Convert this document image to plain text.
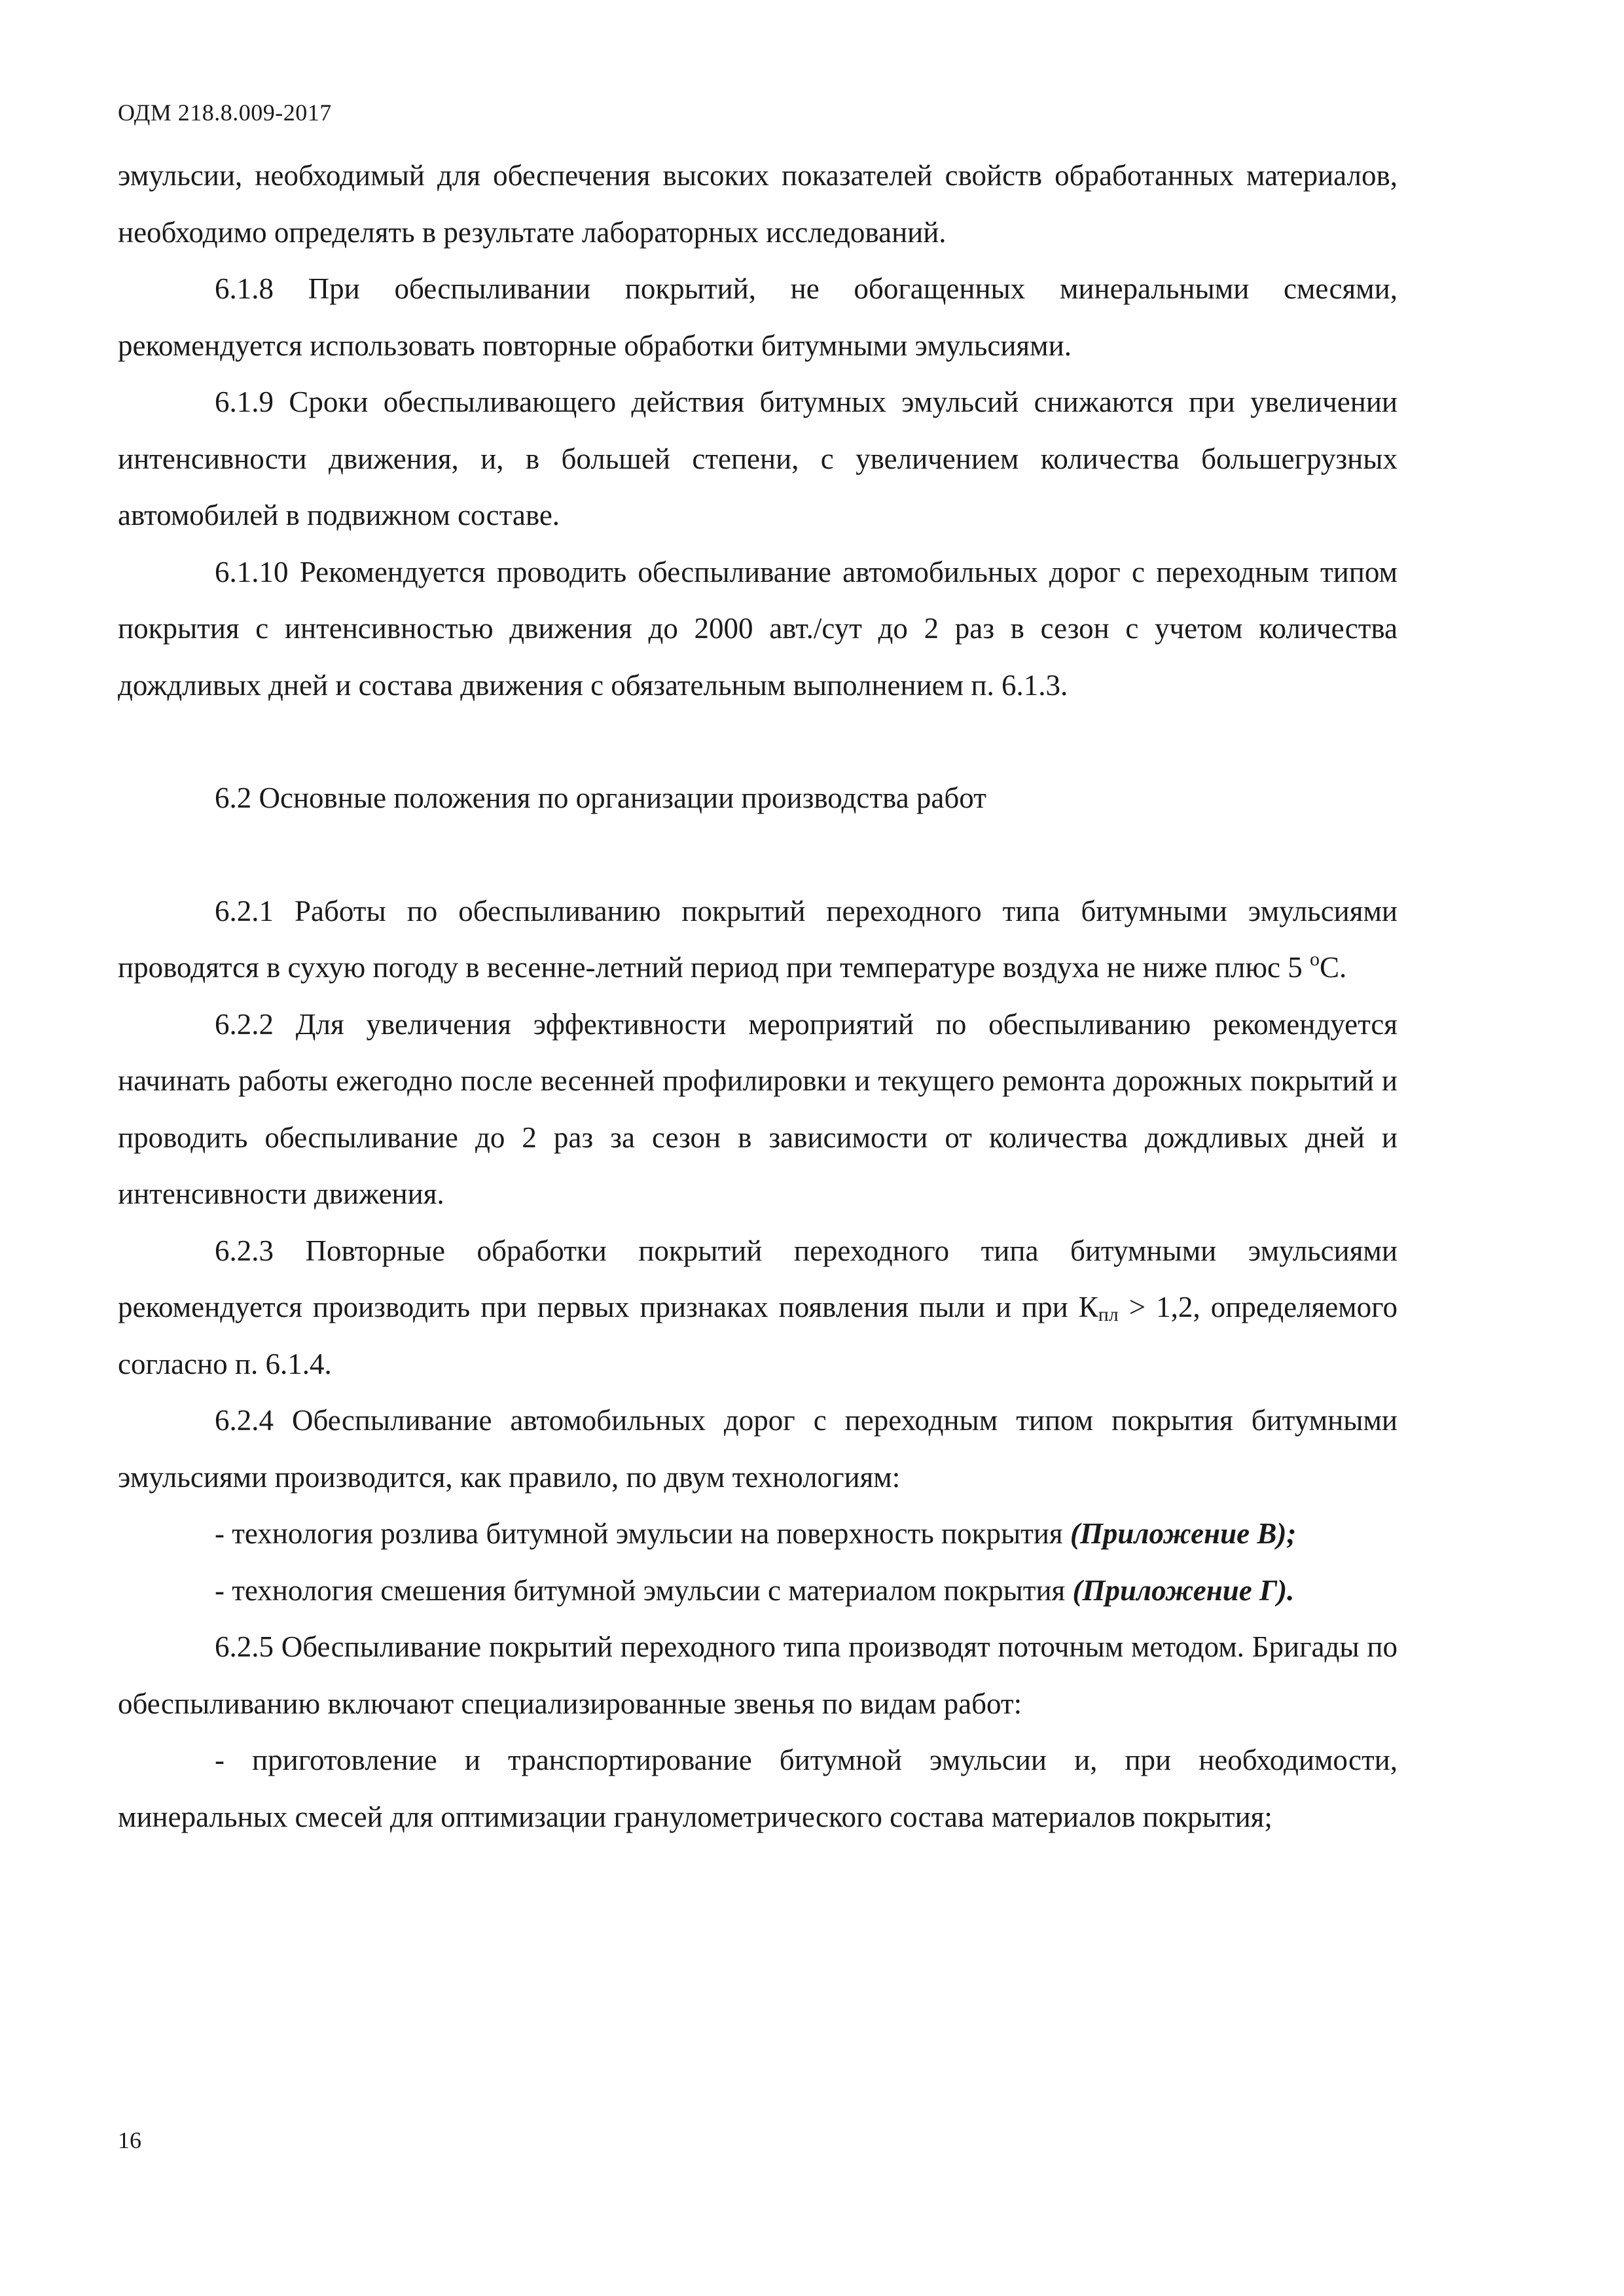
ОДМ 218.8.009-2017

эмульсии, необходимый для обеспечения высоких показателей свойств обработанных материалов, необходимо определять в результате лабораторных исследований.

6.1.8 При обеспыливании покрытий, не обогащенных минеральными смесями, рекомендуется использовать повторные обработки битумными эмульсиями.

6.1.9 Сроки обеспыливающего действия битумных эмульсий снижаются при увеличении интенсивности движения, и, в большей степени, с увеличением количества большегрузных автомобилей в подвижном составе.

6.1.10 Рекомендуется проводить обеспыливание автомобильных дорог с переходным типом покрытия с интенсивностью движения до 2000 авт./сут до 2 раз в сезон с учетом количества дождливых дней и состава движения с обязательным выполнением п. 6.1.3.

6.2 Основные положения по организации производства работ

6.2.1 Работы по обеспыливанию покрытий переходного типа битумными эмульсиями проводятся в сухую погоду в весенне-летний период при температуре воздуха не ниже плюс 5 $^о$С.

6.2.2 Для увеличения эффективности мероприятий по обеспыливанию рекомендуется начинать работы ежегодно после весенней профилировки и текущего ремонта дорожных покрытий и проводить обеспыливание до 2 раз за сезон в зависимости от количества дождливых дней и интенсивности движения.

6.2.3 Повторные обработки покрытий переходного типа битумными эмульсиями рекомендуется производить при первых признаках появления пыли и при $К_{пл} > 1,2$, определяемого согласно п. 6.1.4.

6.2.4 Обеспыливание автомобильных дорог с переходным типом покрытия битумными эмульсиями производится, как правило, по двум технологиям:

- технология розлива битумной эмульсии на поверхность покрытия (Приложение В);

- технология смешения битумной эмульсии с материалом покрытия (Приложение Г).

6.2.5 Обеспыливание покрытий переходного типа производят поточным методом. Бригады по обеспыливанию включают специализированные звенья по видам работ:

- приготовление и транспортирование битумной эмульсии и, при необходимости, минеральных смесей для оптимизации гранулометрического состава материалов покрытия;

16
